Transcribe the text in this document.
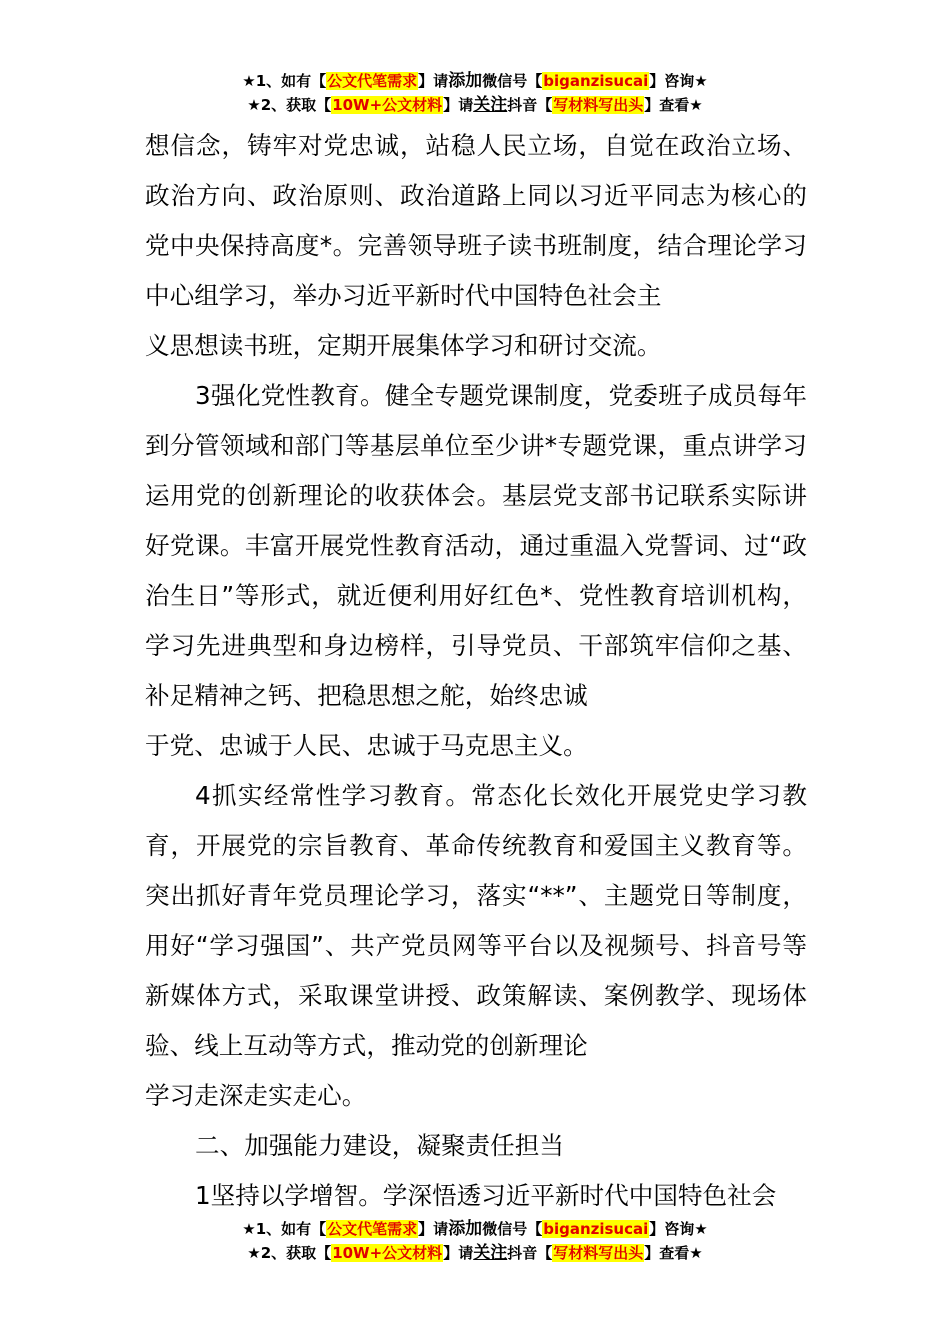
★1、如有【公文代笔需求】请添加微信号【biganzisucai】咨询★
★2、获取【10W+公文材料】请关注抖音【写材料写出头】查看★

想信念，铸牢对党忠诚，站稳人民立场，自觉在政治立场、政治方向、政治原则、政治道路上同以习近平同志为核心的党中央保持高度*。完善领导班子读书班制度，结合理论学习中心组学习，举办习近平新时代中国特色社会主

义思想读书班，定期开展集体学习和研讨交流。

3强化党性教育。健全专题党课制度，党委班子成员每年到分管领域和部门等基层单位至少讲*专题党课，重点讲学习运用党的创新理论的收获体会。基层党支部书记联系实际讲好党课。丰富开展党性教育活动，通过重温入党誓词、过“政治生日”等形式，就近便利用好红色*、党性教育培训机构，学习先进典型和身边榜样，引导党员、干部筑牢信仰之基、补足精神之钙、把稳思想之舵，始终忠诚

于党、忠诚于人民、忠诚于马克思主义。

4抓实经常性学习教育。常态化长效化开展党史学习教育，开展党的宗旨教育、革命传统教育和爱国主义教育等。突出抓好青年党员理论学习，落实“**”、主题党日等制度，用好“学习强国”、共产党员网等平台以及视频号、抖音号等新媒体方式，采取课堂讲授、政策解读、案例教学、现场体验、线上互动等方式，推动党的创新理论

学习走深走实走心。

二、加强能力建设，凝聚责任担当

1坚持以学增智。学深悟透习近平新时代中国特色社会

★1、如有【公文代笔需求】请添加微信号【biganzisucai】咨询★
★2、获取【10W+公文材料】请关注抖音【写材料写出头】查看★
